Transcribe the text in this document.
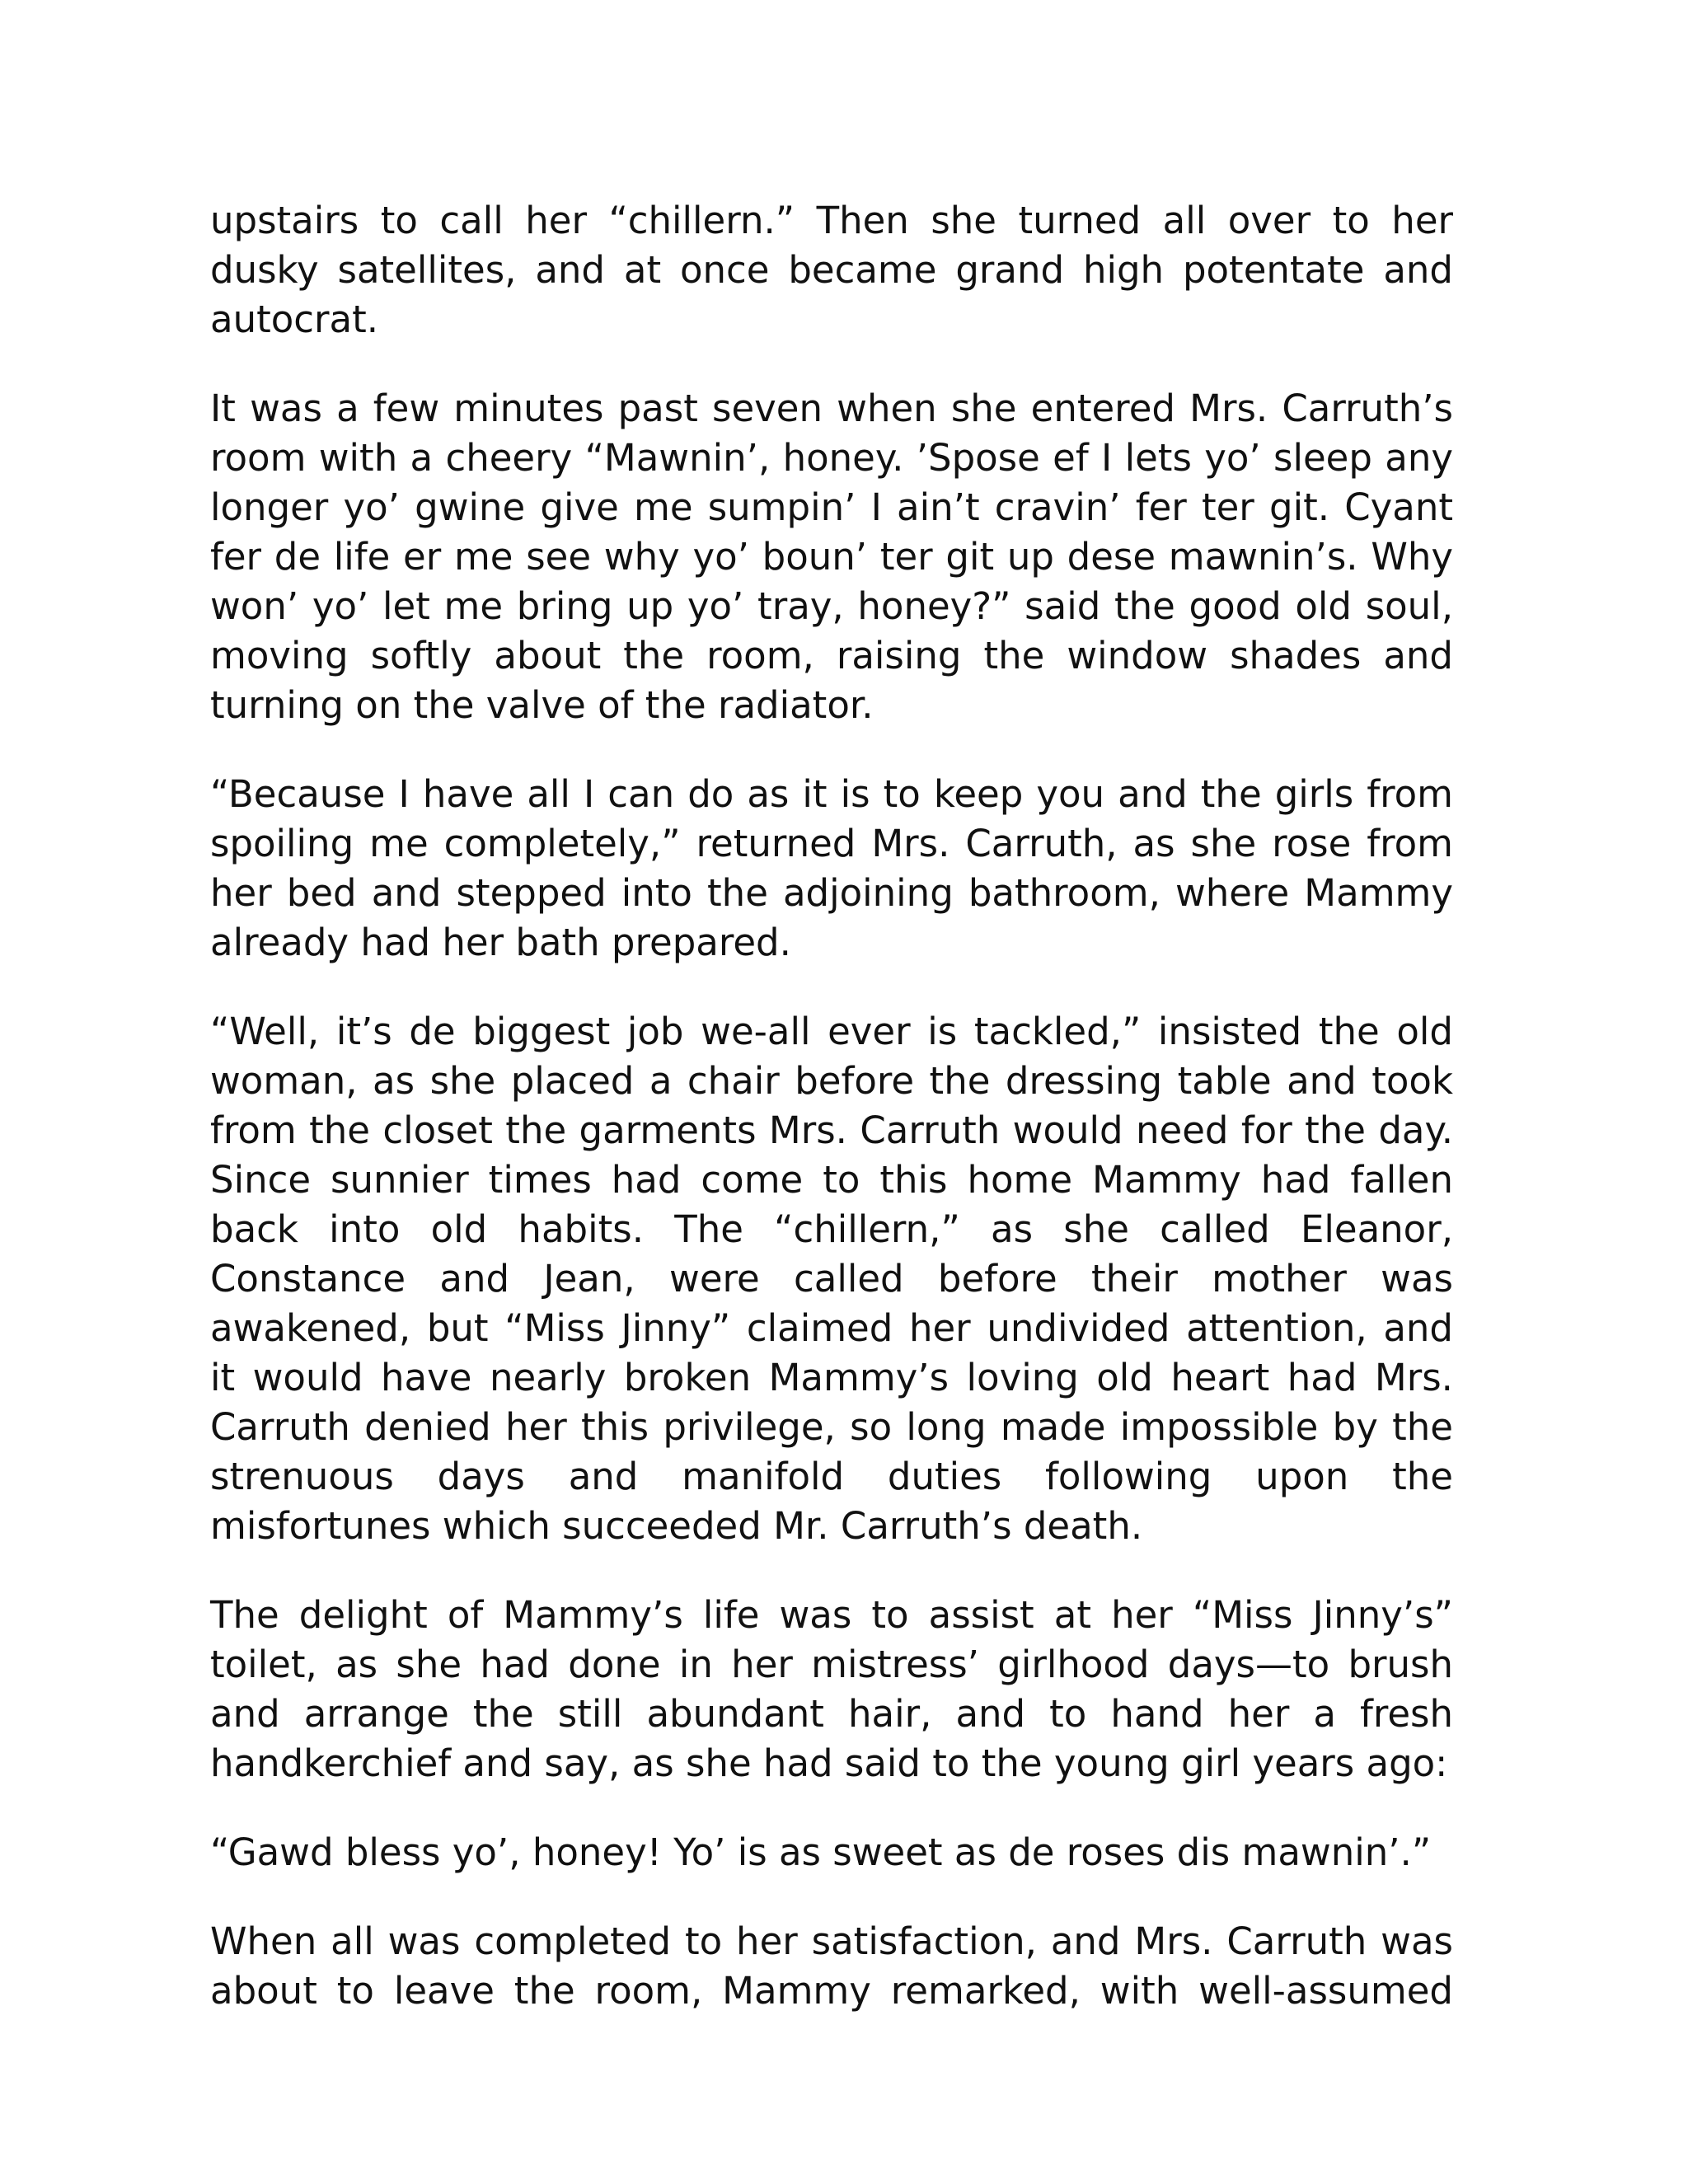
upstairs to call her “chillern.” Then she turned all over to her dusky satellites, and at once became grand high potentate and autocrat.

It was a few minutes past seven when she entered Mrs. Carruth’s room with a cheery “Mawnin’, honey. ’Spose ef I lets yo’ sleep any longer yo’ gwine give me sumpin’ I ain’t cravin’ fer ter git. Cyant fer de life er me see why yo’ boun’ ter git up dese mawnin’s. Why won’ yo’ let me bring up yo’ tray, honey?” said the good old soul, moving softly about the room, raising the window shades and turning on the valve of the radiator.

“Because I have all I can do as it is to keep you and the girls from spoiling me completely,” returned Mrs. Carruth, as she rose from her bed and stepped into the adjoining bathroom, where Mammy already had her bath prepared.

“Well, it’s de biggest job we-all ever is tackled,” insisted the old woman, as she placed a chair before the dressing table and took from the closet the garments Mrs. Carruth would need for the day. Since sunnier times had come to this home Mammy had fallen back into old habits. The “chillern,” as she called Eleanor, Constance and Jean, were called before their mother was awakened, but “Miss Jinny” claimed her undivided attention, and it would have nearly broken Mammy’s loving old heart had Mrs. Carruth denied her this privilege, so long made impossible by the strenuous days and manifold duties following upon the misfortunes which succeeded Mr. Carruth’s death.

The delight of Mammy’s life was to assist at her “Miss Jinny’s” toilet, as she had done in her mistress’ girlhood days—to brush and arrange the still abundant hair, and to hand her a fresh handkerchief and say, as she had said to the young girl years ago:

“Gawd bless yo’, honey! Yo’ is as sweet as de roses dis mawnin’.”

When all was completed to her satisfaction, and Mrs. Carruth was about to leave the room, Mammy remarked, with well-assumed
